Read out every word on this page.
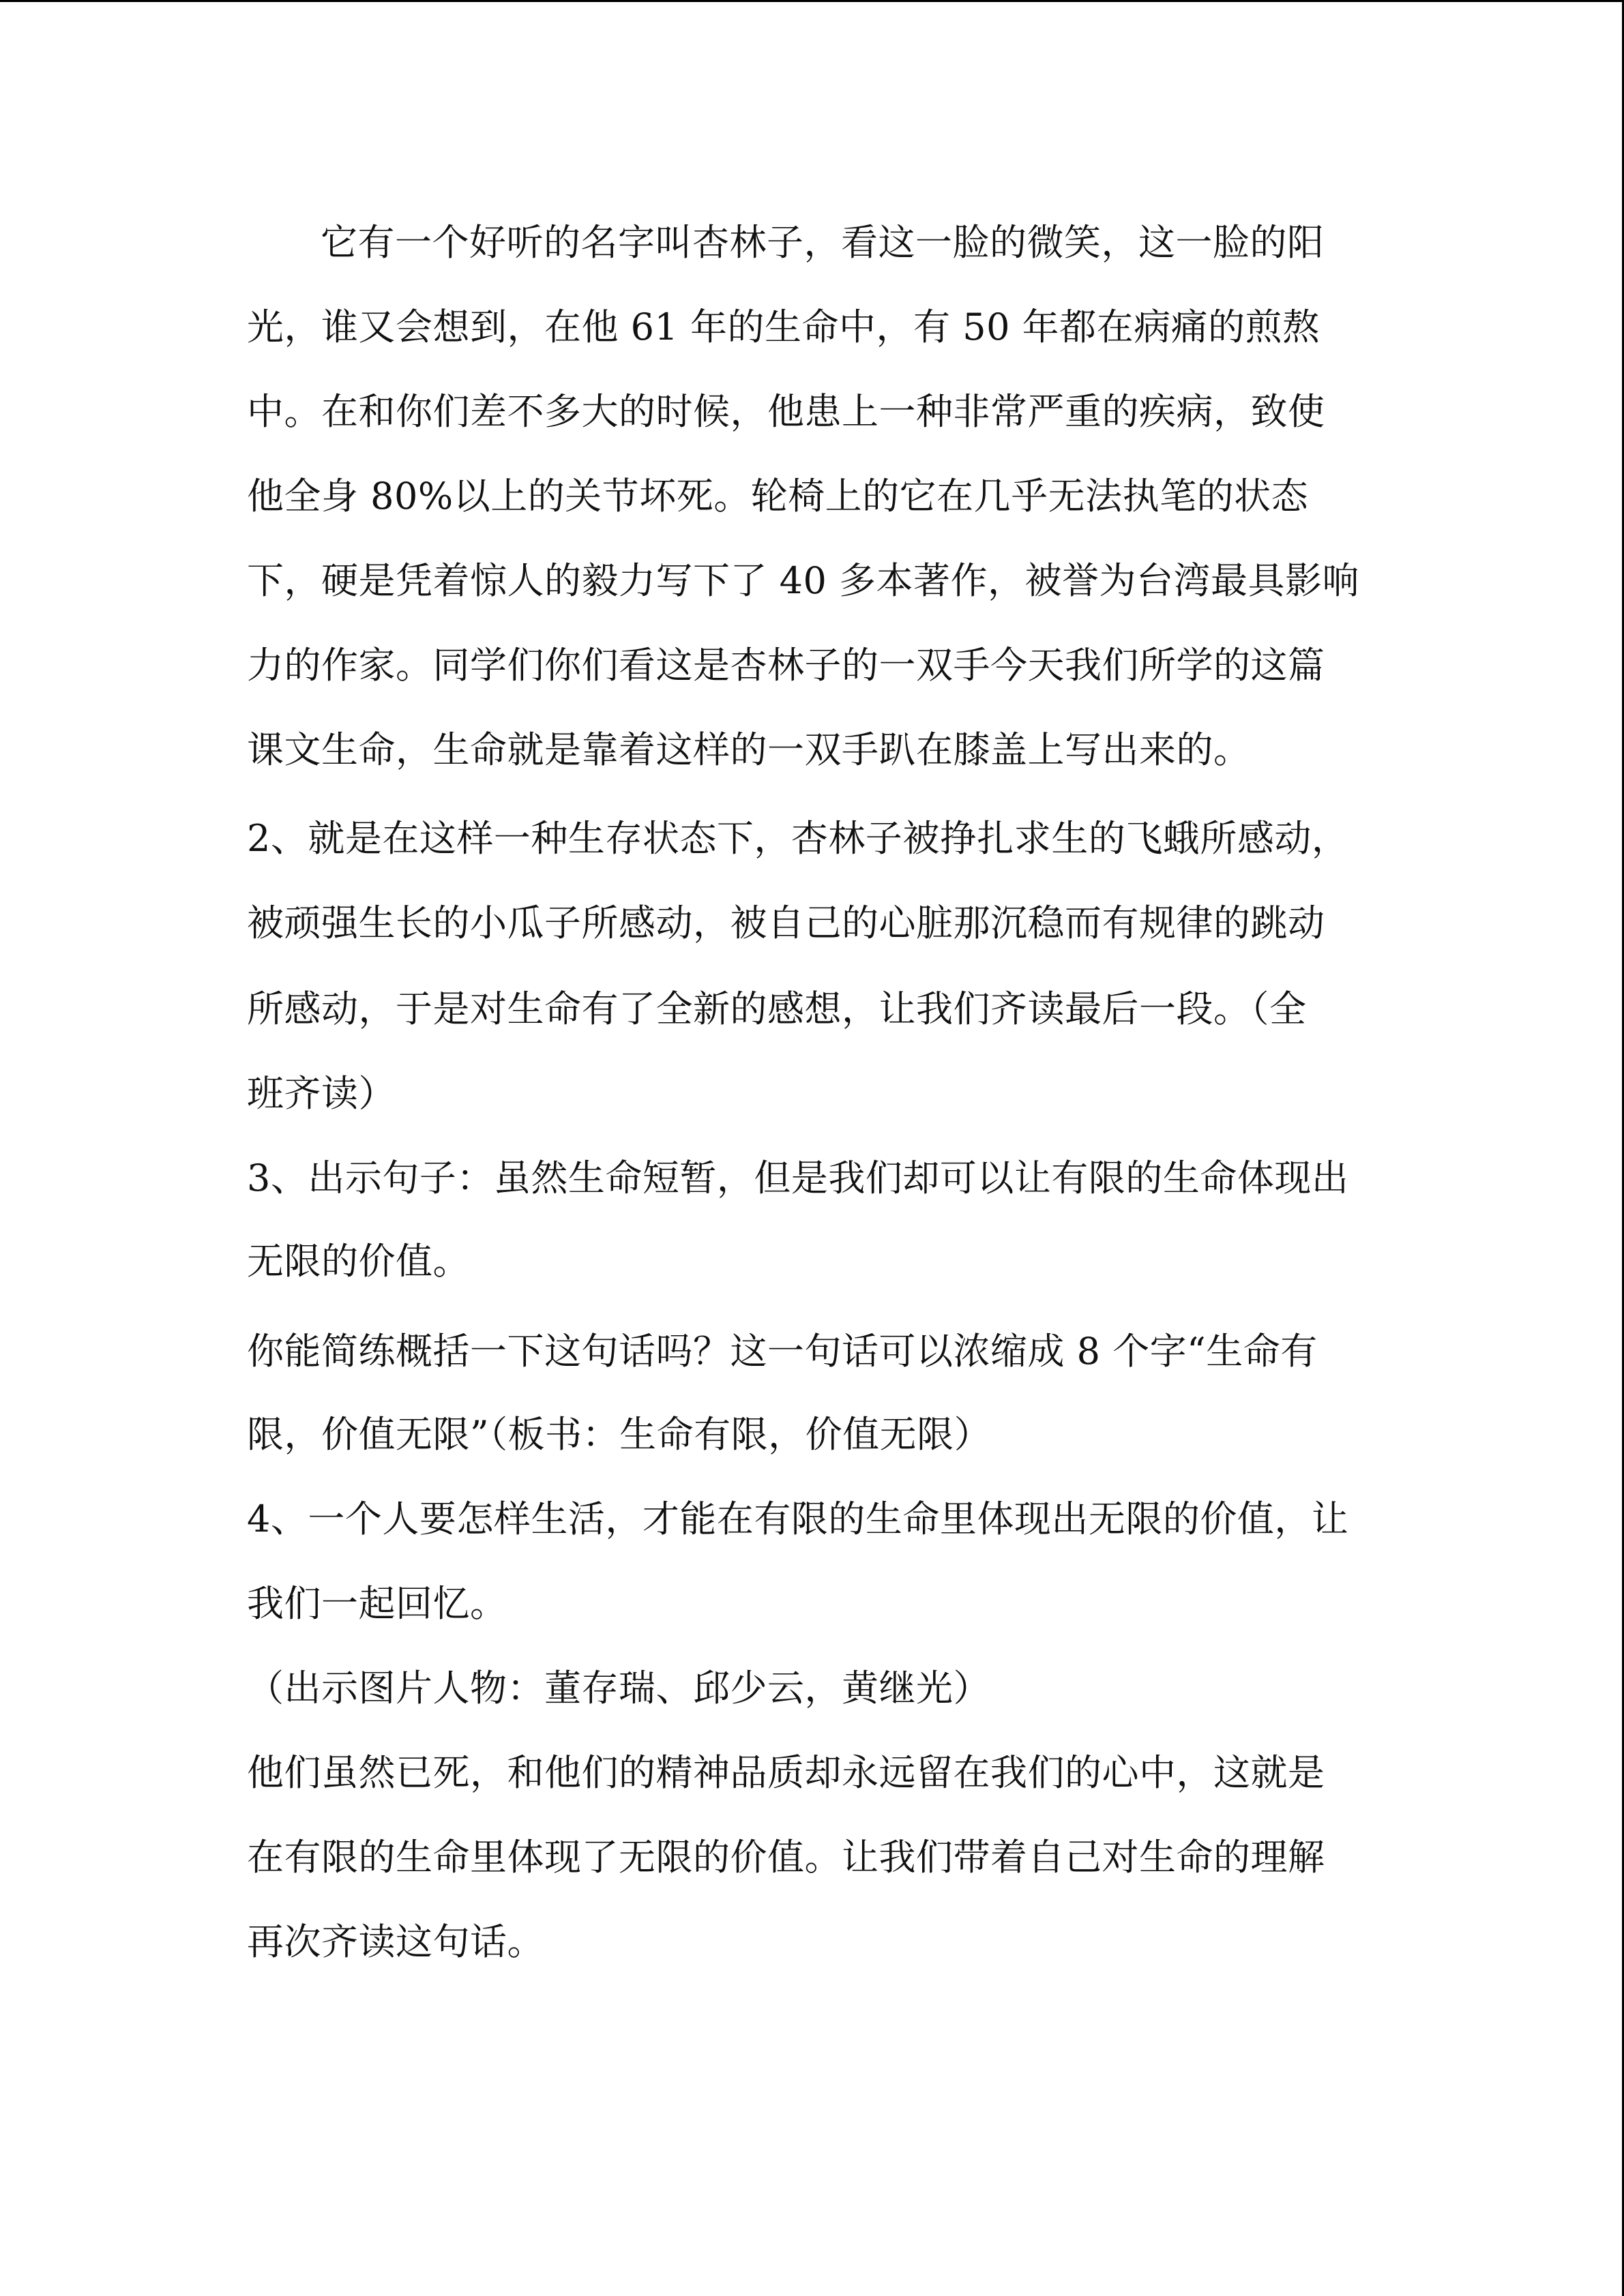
它有一个好听的名字叫杏林子，看这一脸的微笑，这一脸的阳
光，谁又会想到，在他 61 年的生命中，有 50 年都在病痛的煎熬
中。在和你们差不多大的时候，他患上一种非常严重的疾病，致使
他全身 80%以上的关节坏死。轮椅上的它在几乎无法执笔的状态
下，硬是凭着惊人的毅力写下了 40 多本著作，被誉为台湾最具影响
力的作家。同学们你们看这是杏林子的一双手今天我们所学的这篇
课文生命，生命就是靠着这样的一双手趴在膝盖上写出来的。
2、就是在这样一种生存状态下，杏林子被挣扎求生的飞蛾所感动，
被顽强生长的小瓜子所感动，被自己的心脏那沉稳而有规律的跳动
所感动，于是对生命有了全新的感想，让我们齐读最后一段。（全
班齐读）
3、出示句子：虽然生命短暂，但是我们却可以让有限的生命体现出
无限的价值。
你能简练概括一下这句话吗？这一句话可以浓缩成 8 个字“生命有
限，价值无限”（板书：生命有限，价值无限）
4、一个人要怎样生活，才能在有限的生命里体现出无限的价值，让
我们一起回忆。
（出示图片人物：董存瑞、邱少云，黄继光）
他们虽然已死，和他们的精神品质却永远留在我们的心中，这就是
在有限的生命里体现了无限的价值。让我们带着自己对生命的理解
再次齐读这句话。
